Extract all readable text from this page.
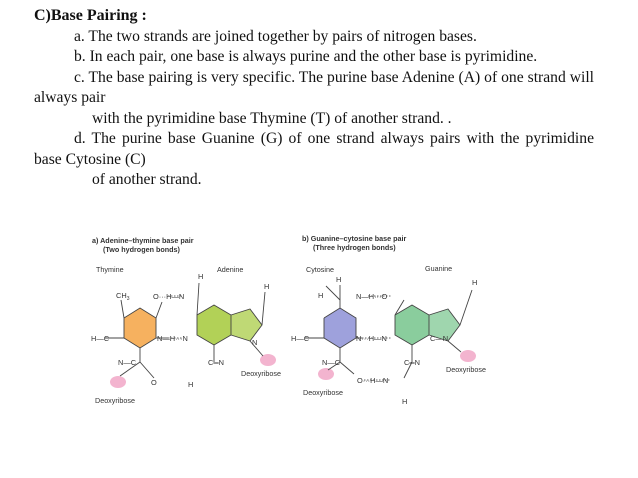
C)Base Pairing :

a. The two strands are joined together by pairs of nitrogen bases.

b. In each pair, one base is always purine and the other base is pyrimidine.

c. The base pairing is very specific. The purine base Adenine (A) of one strand will always pair

with the pyrimidine base Thymine (T) of another strand. .

d. The purine base Guanine (G) of one strand always pairs with the pyrimidine base Cytosine (C)

of another strand.

a) Adenine–thymine base pair
(Two hydrogen bonds)
Thymine	Adenine
$CH_3$	O···H—N
H
H
H—C	N—H···N
N—C	C═N
N
O	H
Deoxyribose
Deoxyribose
b) Guanine–cytosine base pair
(Three hydrogen bonds)
Cytosine	Guanine
H
H	N—H···O
H
H—C	N···H—N	C—N
N—C	C═N
O···H—N
H
Deoxyribose
Deoxyribose
